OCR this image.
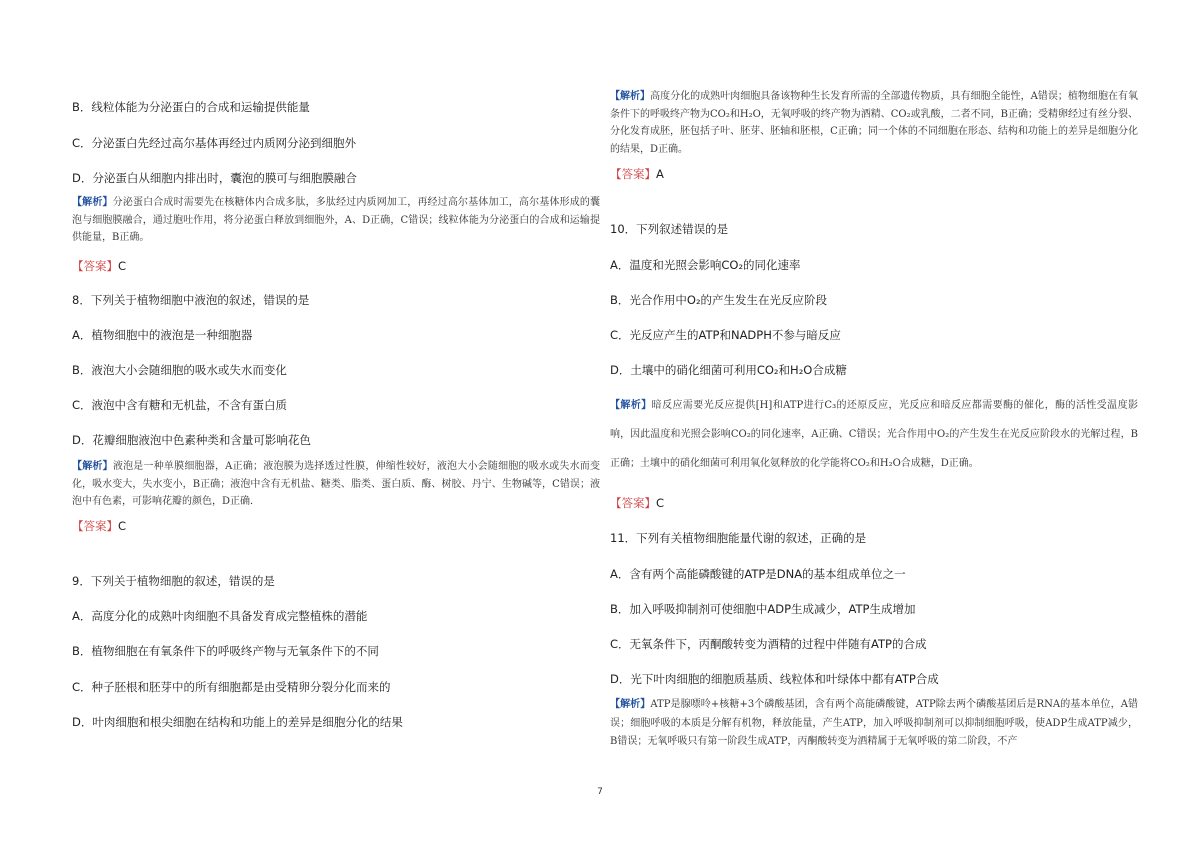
B．线粒体能为分泌蛋白的合成和运输提供能量
C．分泌蛋白先经过高尔基体再经过内质网分泌到细胞外
D．分泌蛋白从细胞内排出时，囊泡的膜可与细胞膜融合
【解析】分泌蛋白合成时需要先在核糖体内合成多肽，多肽经过内质网加工，再经过高尔基体加工，高尔基体形成的囊泡与细胞膜融合，通过胞吐作用，将分泌蛋白释放到细胞外，A、D正确，C错误；线粒体能为分泌蛋白的合成和运输提供能量，B正确。
【答案】C
8．下列关于植物细胞中液泡的叙述，错误的是
A．植物细胞中的液泡是一种细胞器
B．液泡大小会随细胞的吸水或失水而变化
C．液泡中含有糖和无机盐，不含有蛋白质
D．花瓣细胞液泡中色素种类和含量可影响花色
【解析】液泡是一种单膜细胞器，A正确；液泡膜为选择透过性膜，伸缩性较好，液泡大小会随细胞的吸水或失水而变化，吸水变大，失水变小，B正确；液泡中含有无机盐、糖类、脂类、蛋白质、酶、树胶、丹宁、生物碱等，C错误；液泡中有色素，可影响花瓣的颜色，D正确．
【答案】C
9．下列关于植物细胞的叙述，错误的是
A．高度分化的成熟叶肉细胞不具备发育成完整植株的潜能
B．植物细胞在有氧条件下的呼吸终产物与无氧条件下的不同
C．种子胚根和胚芽中的所有细胞都是由受精卵分裂分化而来的
D．叶肉细胞和根尖细胞在结构和功能上的差异是细胞分化的结果
【解析】高度分化的成熟叶肉细胞具备该物种生长发育所需的全部遗传物质，具有细胞全能性，A错误；植物细胞在有氧条件下的呼吸终产物为CO₂和H₂O，无氧呼吸的终产物为酒精、CO₂或乳酸，二者不同，B正确；受精卵经过有丝分裂、分化发育成胚，胚包括子叶、胚芽、胚轴和胚根，C正确；同一个体的不同细胞在形态、结构和功能上的差异是细胞分化的结果，D正确。
【答案】A
10．下列叙述错误的是
A．温度和光照会影响CO₂的同化速率
B．光合作用中O₂的产生发生在光反应阶段
C．光反应产生的ATP和NADPH不参与暗反应
D．土壤中的硝化细菌可利用CO₂和H₂O合成糖
【解析】暗反应需要光反应提供[H]和ATP进行C₃的还原反应，光反应和暗反应都需要酶的催化，酶的活性受温度影响，因此温度和光照会影响CO₂的同化速率，A正确、C错误；光合作用中O₂的产生发生在光反应阶段水的光解过程，B正确；土壤中的硝化细菌可利用氧化氨释放的化学能将CO₂和H₂O合成糖，D正确。
【答案】C
11．下列有关植物细胞能量代谢的叙述，正确的是
A．含有两个高能磷酸键的ATP是DNA的基本组成单位之一
B．加入呼吸抑制剂可使细胞中ADP生成减少，ATP生成增加
C．无氧条件下，丙酮酸转变为酒精的过程中伴随有ATP的合成
D．光下叶肉细胞的细胞质基质、线粒体和叶绿体中都有ATP合成
【解析】ATP是腺嘌呤+核糖+3个磷酸基团，含有两个高能磷酸键，ATP除去两个磷酸基团后是RNA的基本单位，A错误；细胞呼吸的本质是分解有机物，释放能量，产生ATP，加入呼吸抑制剂可以抑制细胞呼吸，使ADP生成ATP减少，B错误；无氧呼吸只有第一阶段生成ATP，丙酮酸转变为酒精属于无氧呼吸的第二阶段，不产
7
